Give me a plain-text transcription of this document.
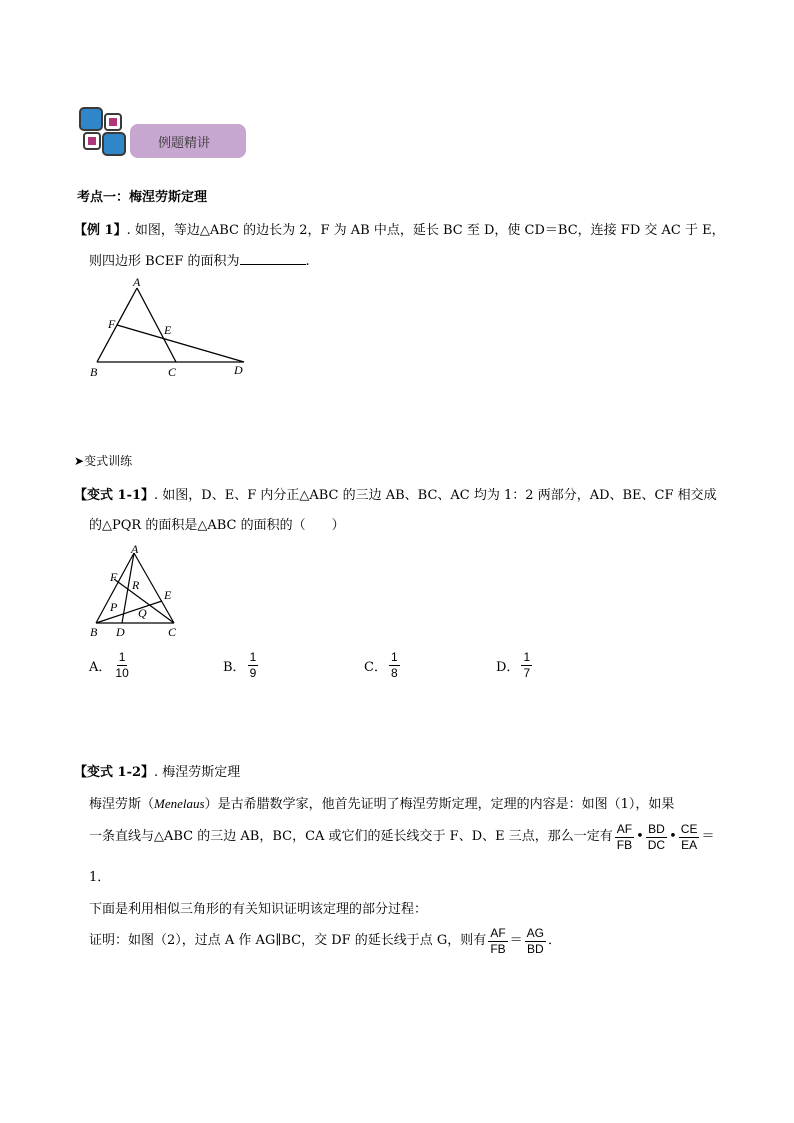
例题精讲
考点一：梅涅劳斯定理
【例 1】. 如图，等边△ABC 的边长为 2，F 为 AB 中点，延长 BC 至 D，使 CD＝BC，连接 FD 交 AC 于 E，
则四边形 BCEF 的面积为	.
A
F	E
B	C	D
➤变式训练
【变式 1-1】. 如图，D、E、F 内分正△ABC 的三边 AB、BC、AC 均为 1：2 两部分，AD、BE、CF 相交成
的△PQR 的面积是△ABC 的面积的（　　）
A
F
R
E
P Q
B D	C
A． $\frac{1}{10}$	B． $\frac{1}{9}$	C． $\frac{1}{8}$	D． $\frac{1}{7}$
【变式 1-2】. 梅涅劳斯定理
梅涅劳斯（Menelaus）是古希腊数学家，他首先证明了梅涅劳斯定理，定理的内容是：如图（1），如果
一条直线与△ABC 的三边 AB，BC，CA 或它们的延长线交于 F、D、E 三点，那么一定有 $\frac{AF}{FB}$ • $\frac{BD}{DC}$ • $\frac{CE}{EA}$ ＝
1．
下面是利用相似三角形的有关知识证明该定理的部分过程：
证明：如图（2），过点 A 作 AG∥BC，交 DF 的延长线于点 G，则有 $\frac{AF}{FB} = \frac{AG}{BD}$ ．
